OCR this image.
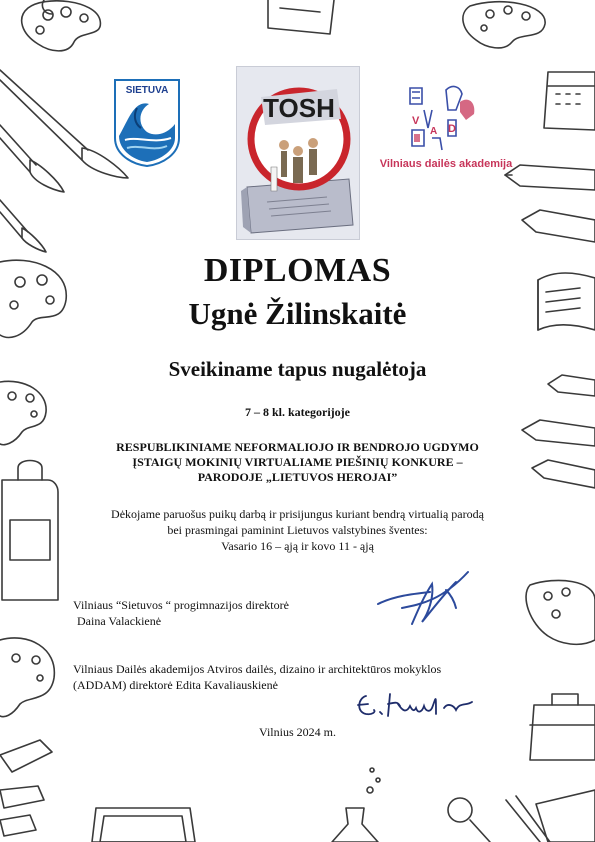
SIETUVA
TOSH
D
A
V
Vilniaus dailės akademija
DIPLOMAS
Ugnė Žilinskaitė
Sveikiname tapus nugalėtoja
7 – 8 kl. kategorijoje
RESPUBLIKINIAME NEFORMALIOJO IR BENDROJO UGDYMO
ĮSTAIGŲ MOKINIŲ VIRTUALIAME PIEŠINIŲ KONKURE –
PARODOJE „LIETUVOS HEROJAI”
Dėkojame paruošus puikų darbą ir prisijungus kuriant bendrą virtualią parodą
bei prasmingai paminint Lietuvos valstybines šventes:
Vasario 16 – ąją ir kovo 11 - ąją
Vilniaus “Sietuvos “ progimnazijos direktorė
Daina Valackienė
Vilniaus Dailės akademijos Atviros dailės, dizaino ir architektūros mokyklos
(ADDAM) direktorė Edita Kavaliauskienė
Vilnius 2024 m.
